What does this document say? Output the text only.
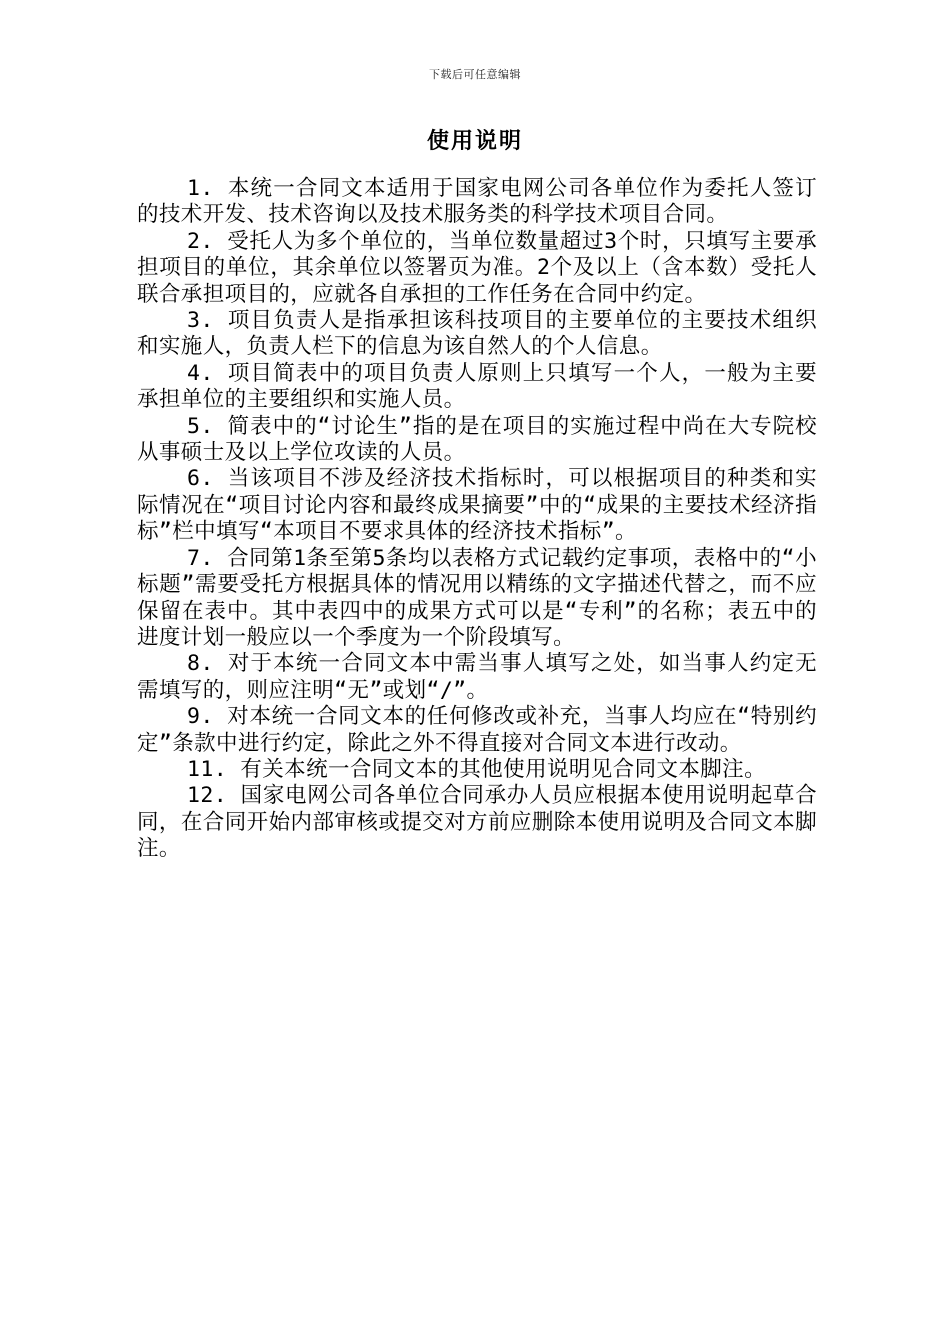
下载后可任意编辑
使用说明

1. 本统一合同文本适用于国家电网公司各单位作为委托人签订的技术开发、技术咨询以及技术服务类的科学技术项目合同。

2. 受托人为多个单位的，当单位数量超过3个时，只填写主要承担项目的单位，其余单位以签署页为准。2个及以上（含本数）受托人联合承担项目的，应就各自承担的工作任务在合同中约定。

3. 项目负责人是指承担该科技项目的主要单位的主要技术组织和实施人，负责人栏下的信息为该自然人的个人信息。

4. 项目简表中的项目负责人原则上只填写一个人，一般为主要承担单位的主要组织和实施人员。

5. 简表中的“讨论生”指的是在项目的实施过程中尚在大专院校从事硕士及以上学位攻读的人员。

6. 当该项目不涉及经济技术指标时，可以根据项目的种类和实际情况在“项目讨论内容和最终成果摘要”中的“成果的主要技术经济指标”栏中填写“本项目不要求具体的经济技术指标”。

7. 合同第1条至第5条均以表格方式记载约定事项，表格中的“小标题”需要受托方根据具体的情况用以精练的文字描述代替之，而不应保留在表中。其中表四中的成果方式可以是“专利”的名称；表五中的进度计划一般应以一个季度为一个阶段填写。

8. 对于本统一合同文本中需当事人填写之处，如当事人约定无需填写的，则应注明“无”或划“/”。

9. 对本统一合同文本的任何修改或补充，当事人均应在“特别约定”条款中进行约定，除此之外不得直接对合同文本进行改动。

11. 有关本统一合同文本的其他使用说明见合同文本脚注。

12. 国家电网公司各单位合同承办人员应根据本使用说明起草合同，在合同开始内部审核或提交对方前应删除本使用说明及合同文本脚注。
